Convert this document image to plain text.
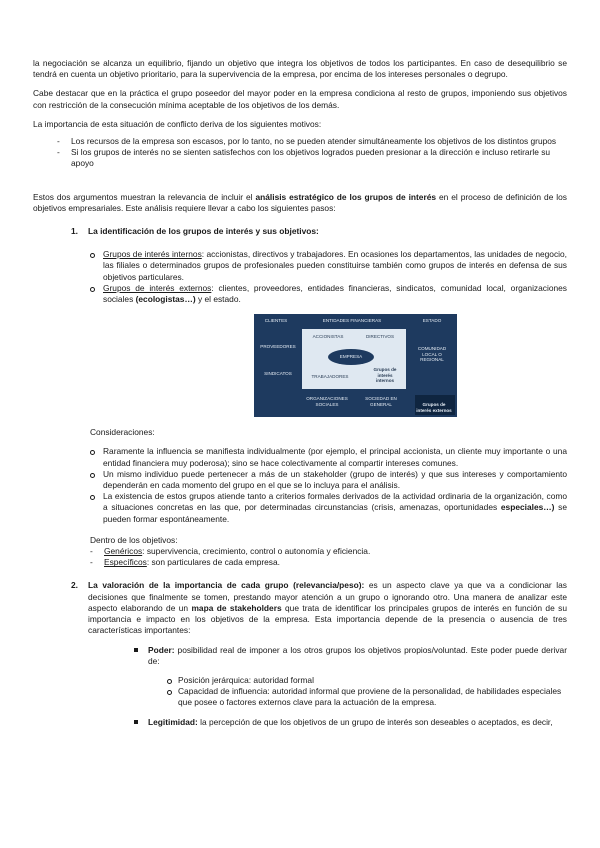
la negociación se alcanza un equilibrio, fijando un objetivo que integra los objetivos de todos los participantes. En caso de desequilibrio se tendrá en cuenta un objetivo prioritario, para la supervivencia de la empresa, por encima de los intereses personales o degrupo.

Cabe destacar que en la práctica el grupo poseedor del mayor poder en la empresa condiciona al resto de grupos, imponiendo sus objetivos con restricción de la consecución mínima aceptable de los objetivos de los demás.

La importancia de esta situación de conflicto deriva de los siguientes motivos:

- Los recursos de la empresa son escasos, por lo tanto, no se pueden atender simultáneamente los objetivos de los distintos grupos
- Si los grupos de interés no se sienten satisfechos con los objetivos logrados pueden presionar a la dirección e incluso retirarle su apoyo

Estos dos argumentos muestran la relevancia de incluir el análisis estratégico de los grupos de interés en el proceso de definición de los objetivos empresariales. Este análisis requiere llevar a cabo los siguientes pasos:

1. La identificación de los grupos de interés y sus objetivos:
Grupos de interés internos: accionistas, directivos y trabajadores. En ocasiones los departamentos, las unidades de negocio, las filiales o determinados grupos de profesionales pueden constituirse también como grupos de interés en defensa de sus objetivos particulares.
Grupos de interés externos: clientes, proveedores, entidades financieras, sindicatos, comunidad local, organizaciones sociales (ecologistas…) y el estado.
CLIENTES	ENTIDADES FINANCIERAS	ESTADO
PROVEEDORES
SINDICATOS
COMUNIDAD LOCAL O REGIONAL
ACCIONISTAS	DIRECTIVOS
EMPRESA
TRABAJADORES
Grupos de interés internos
ORGANIZACIONES SOCIALES
SOCIEDAD EN GENERAL	Grupos de interés externos

Consideraciones:

Raramente la influencia se manifiesta individualmente (por ejemplo, el principal accionista, un cliente muy importante o una entidad financiera muy poderosa); sino se hace colectivamente al compartir intereses comunes.
Un mismo individuo puede pertenecer a más de un stakeholder (grupo de interés) y que sus intereses y comportamiento dependerán en cada momento del grupo en el que se lo incluya para el análisis.
La existencia de estos grupos atiende tanto a criterios formales derivados de la actividad ordinaria de la organización, como a situaciones concretas en las que, por determinadas circunstancias (crisis, amenazas, oportunidades especiales…) se pueden formar espontáneamente.

Dentro de los objetivos:

- Genéricos: supervivencia, crecimiento, control o autonomía y eficiencia.
- Específicos: son particulares de cada empresa.
2. La valoración de la importancia de cada grupo (relevancia/peso): es un aspecto clave ya que va a condicionar las decisiones que finalmente se tomen, prestando mayor atención a un grupo o ignorando otro. Una manera de analizar este aspecto elaborando de un mapa de stakeholders que trata de identificar los principales grupos de interés en función de su importancia e impacto en los objetivos de la empresa. Esta importancia depende de la presencia o ausencia de tres características importantes:
Poder: posibilidad real de imponer a los otros grupos los objetivos propios/voluntad. Este poder puede derivar de:
Posición jerárquica: autoridad formal
Capacidad de influencia: autoridad informal que proviene de la personalidad, de habilidades especiales que posee o factores externos clave para la actuación de la empresa.
Legitimidad: la percepción de que los objetivos de un grupo de interés son deseables o aceptados, es decir,
